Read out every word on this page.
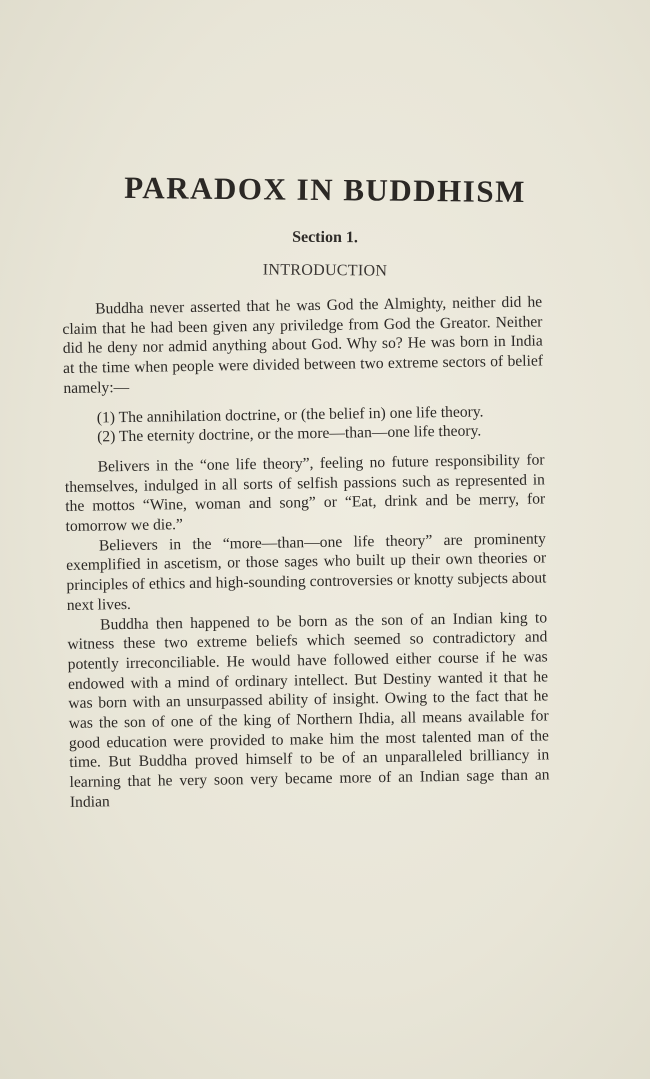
PARADOX IN BUDDHISM
Section 1.
INTRODUCTION

Buddha never asserted that he was God the Almighty, neither did he claim that he had been given any priviledge from God the Greator. Neither did he deny nor admid anything about God. Why so? He was born in India at the time when people were divided between two extreme sectors of belief namely:—

(1) The annihilation doctrine, or (the belief in) one life theory.

(2) The eternity doctrine, or the more—than—one life theory.

Belivers in the “one life theory”, feeling no future responsibility for themselves, indulged in all sorts of selfish passions such as represented in the mottos “Wine, woman and song” or “Eat, drink and be merry, for tomorrow we die.”

Believers in the “more—than—one life theory” are prominenty exemplified in ascetism, or those sages who built up their own theories or principles of ethics and high-sounding controversies or knotty subjects about next lives.

Buddha then happened to be born as the son of an Indian king to witness these two extreme beliefs which seemed so contradictory and potently irreconciliable. He would have followed either course if he was endowed with a mind of ordinary intellect. But Destiny wanted it that he was born with an unsurpassed ability of insight. Owing to the fact that he was the son of one of the king of Northern Ihdia, all means available for good education were provided to make him the most talented man of the time. But Buddha proved himself to be of an unparalleled brilliancy in learning that he very soon very became more of an Indian sage than an Indian
